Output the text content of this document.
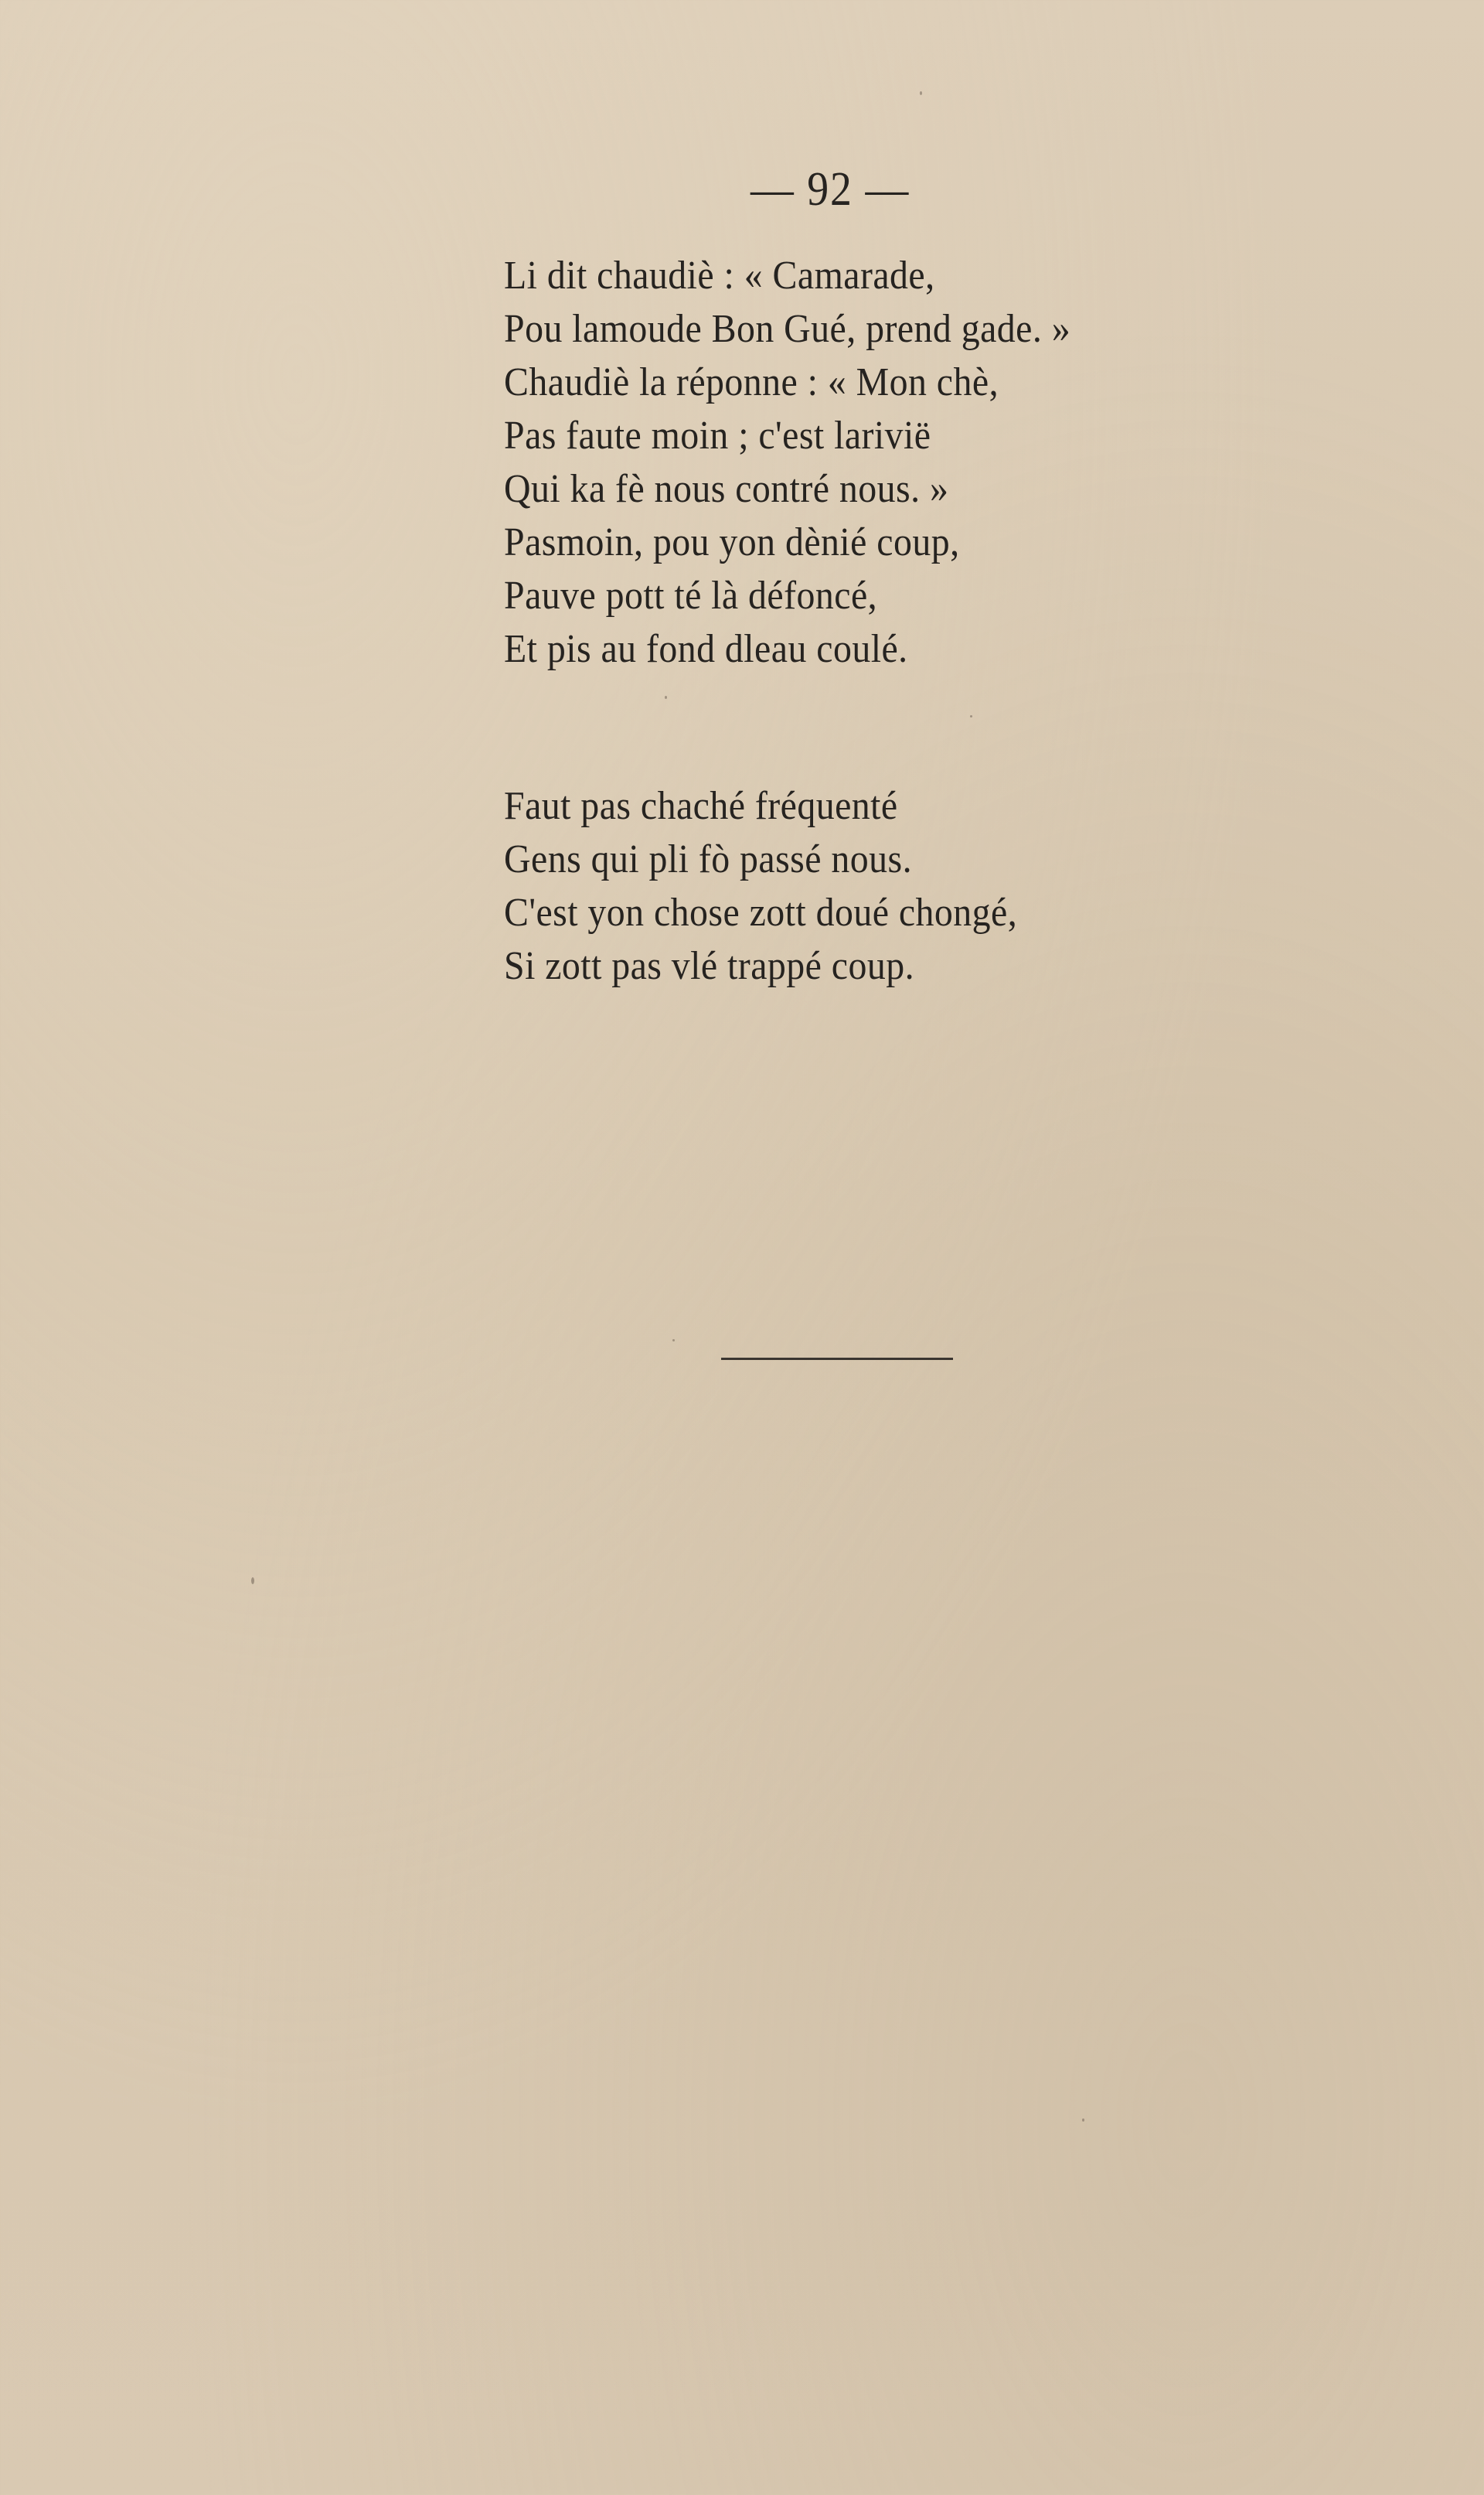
— 92 —
Li dit chaudiè : « Camarade,
Pou lamoude Bon Gué, prend gade. »
Chaudiè la réponne : « Mon chè,
Pas faute moin ; c'est larivië
Qui ka fè nous contré nous. »
Pasmoin, pou yon dènié coup,
Pauve pott té là défoncé,
Et pis au fond dleau coulé.
Faut pas chaché fréquenté
Gens qui pli fò passé nous.
C'est yon chose zott doué chongé,
Si zott pas vlé trappé coup.
